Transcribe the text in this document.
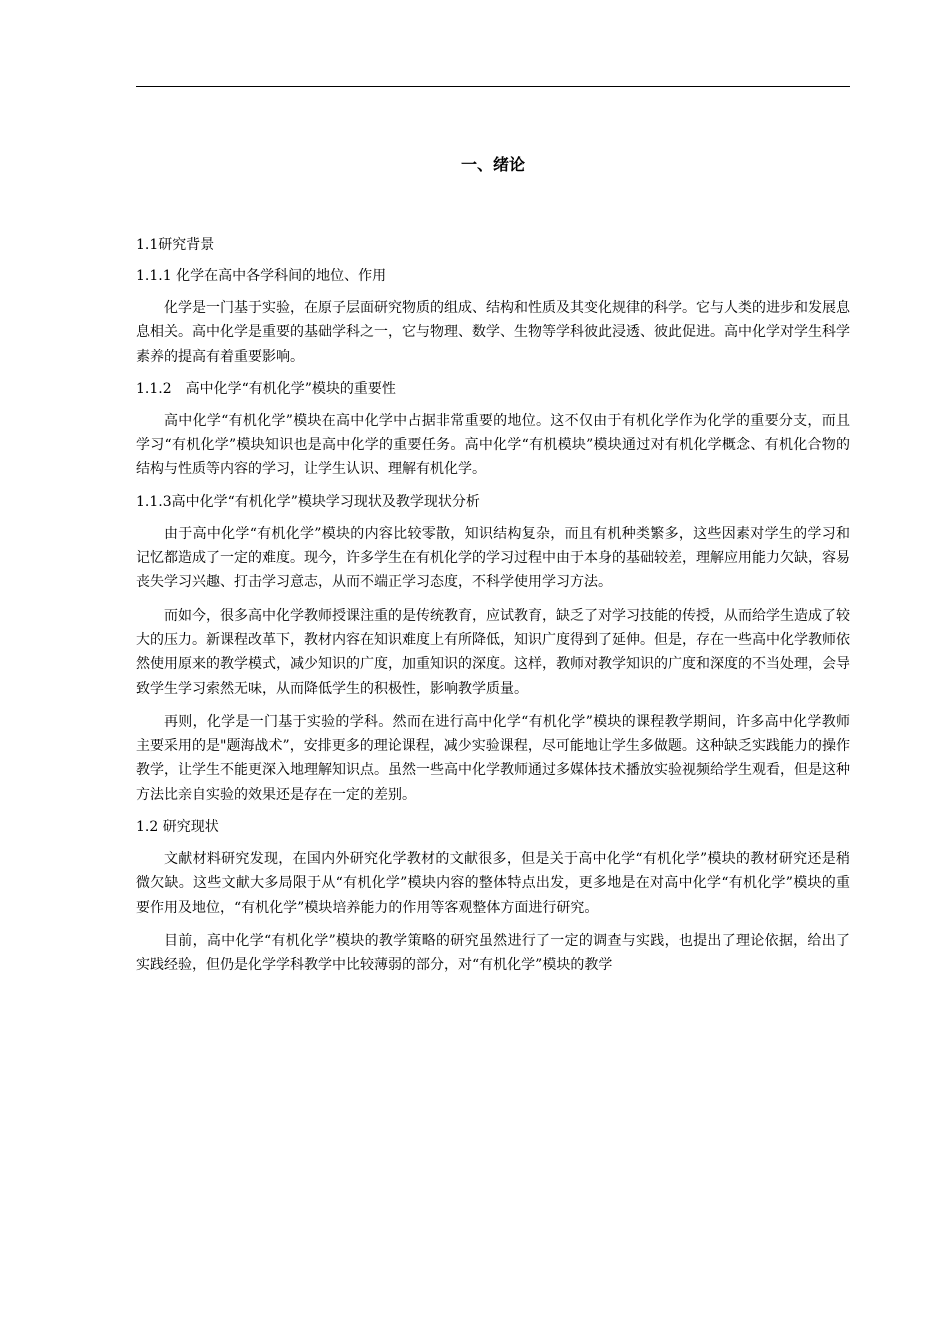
一、绪论
1.1研究背景
1.1.1 化学在高中各学科间的地位、作用
化学是一门基于实验，在原子层面研究物质的组成、结构和性质及其变化规律的科学。它与人类的进步和发展息息相关。高中化学是重要的基础学科之一，它与物理、数学、生物等学科彼此浸透、彼此促进。高中化学对学生科学素养的提高有着重要影响。
1.1.2　高中化学“有机化学”模块的重要性
高中化学“有机化学”模块在高中化学中占据非常重要的地位。这不仅由于有机化学作为化学的重要分支，而且学习“有机化学”模块知识也是高中化学的重要任务。高中化学“有机模块”模块通过对有机化学概念、有机化合物的结构与性质等内容的学习，让学生认识、理解有机化学。
1.1.3高中化学“有机化学”模块学习现状及教学现状分析
由于高中化学“有机化学”模块的内容比较零散，知识结构复杂，而且有机种类繁多，这些因素对学生的学习和记忆都造成了一定的难度。现今，许多学生在有机化学的学习过程中由于本身的基础较差，理解应用能力欠缺，容易丧失学习兴趣、打击学习意志，从而不端正学习态度，不科学使用学习方法。
而如今，很多高中化学教师授课注重的是传统教育，应试教育，缺乏了对学习技能的传授，从而给学生造成了较大的压力。新课程改革下，教材内容在知识难度上有所降低，知识广度得到了延伸。但是，存在一些高中化学教师依然使用原来的教学模式，减少知识的广度，加重知识的深度。这样，教师对教学知识的广度和深度的不当处理，会导致学生学习索然无味，从而降低学生的积极性，影响教学质量。
再则，化学是一门基于实验的学科。然而在进行高中化学“有机化学”模块的课程教学期间，许多高中化学教师主要采用的是"题海战术”，安排更多的理论课程，减少实验课程，尽可能地让学生多做题。这种缺乏实践能力的操作教学，让学生不能更深入地理解知识点。虽然一些高中化学教师通过多媒体技术播放实验视频给学生观看，但是这种方法比亲自实验的效果还是存在一定的差别。
1.2 研究现状
文献材料研究发现，在国内外研究化学教材的文献很多，但是关于高中化学“有机化学”模块的教材研究还是稍微欠缺。这些文献大多局限于从“有机化学”模块内容的整体特点出发，更多地是在对高中化学“有机化学”模块的重要作用及地位，“有机化学”模块培养能力的作用等客观整体方面进行研究。
目前，高中化学“有机化学”模块的教学策略的研究虽然进行了一定的调查与实践，也提出了理论依据，给出了实践经验，但仍是化学学科教学中比较薄弱的部分，对“有机化学”模块的教学
